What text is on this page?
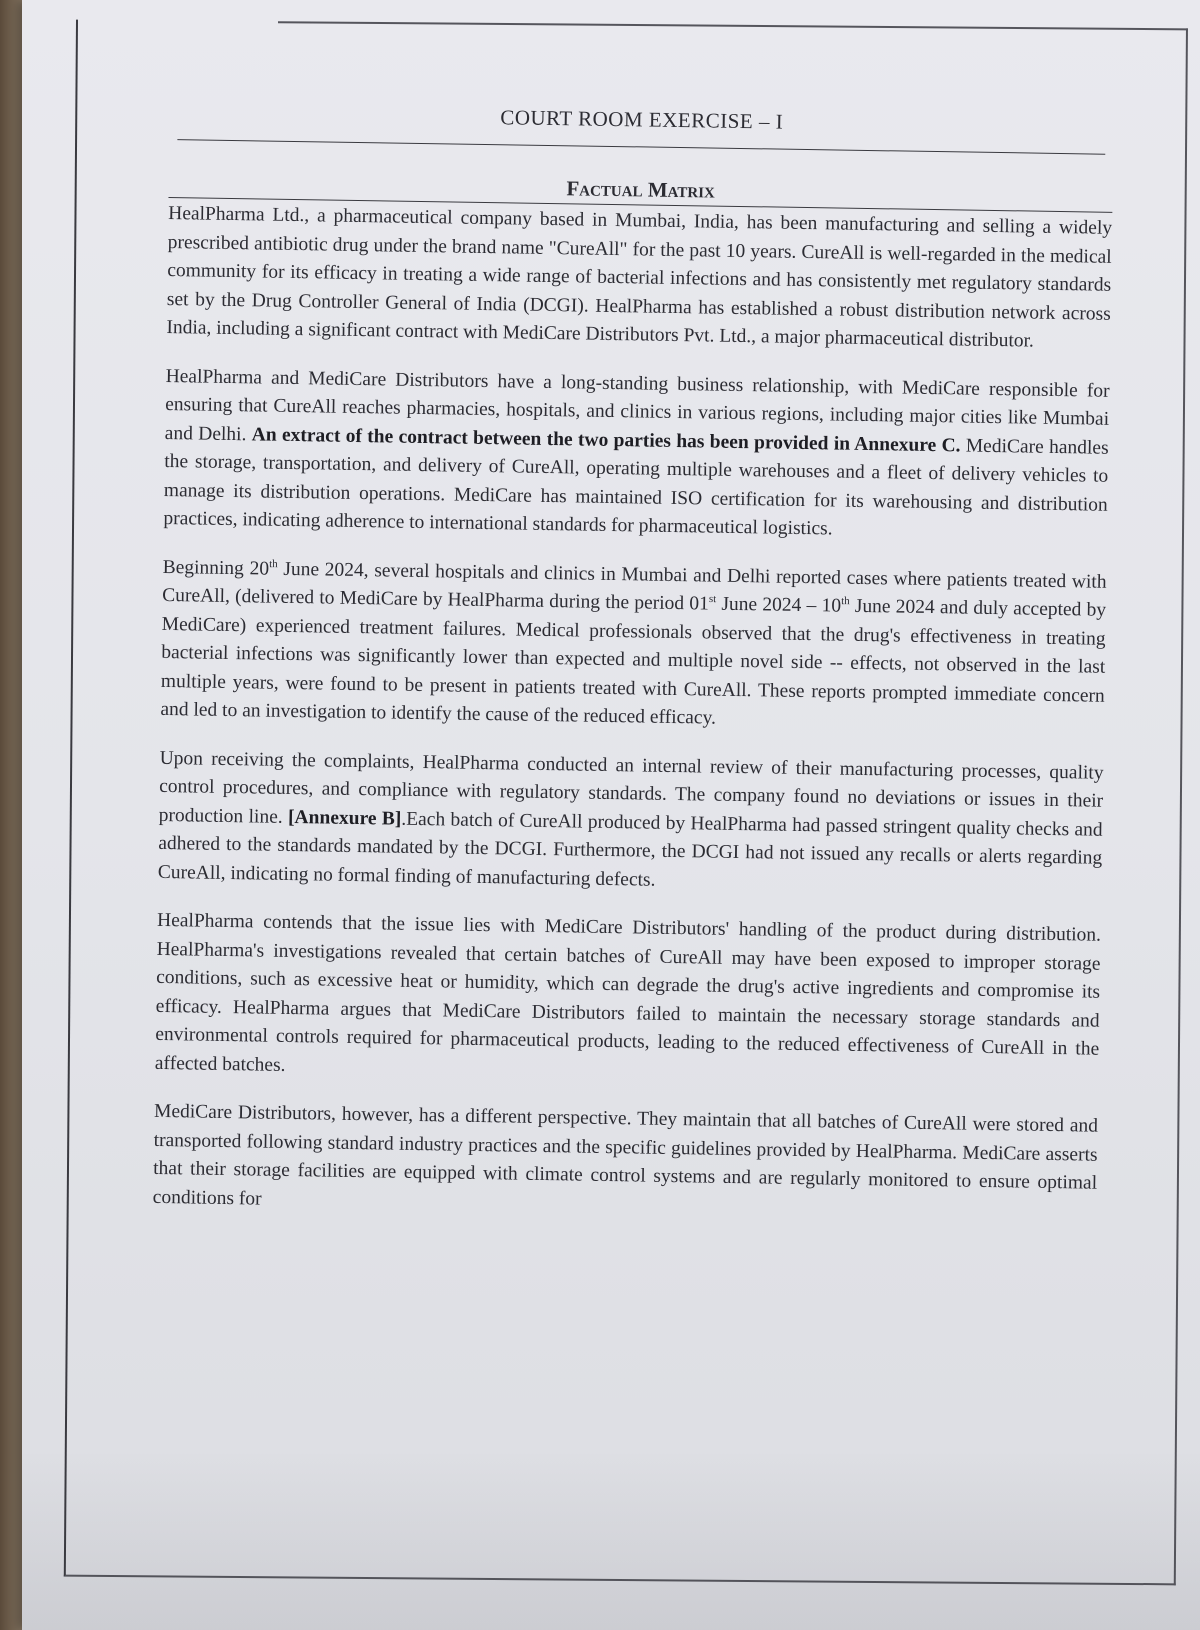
COURT ROOM EXERCISE – I
Factual Matrix

HealPharma Ltd., a pharmaceutical company based in Mumbai, India, has been manufacturing and selling a widely prescribed antibiotic drug under the brand name "CureAll" for the past 10 years. CureAll is well-regarded in the medical community for its efficacy in treating a wide range of bacterial infections and has consistently met regulatory standards set by the Drug Controller General of India (DCGI). HealPharma has established a robust distribution network across India, including a significant contract with MediCare Distributors Pvt. Ltd., a major pharmaceutical distributor.

HealPharma and MediCare Distributors have a long-standing business relationship, with MediCare responsible for ensuring that CureAll reaches pharmacies, hospitals, and clinics in various regions, including major cities like Mumbai and Delhi. An extract of the contract between the two parties has been provided in Annexure C. MediCare handles the storage, transportation, and delivery of CureAll, operating multiple warehouses and a fleet of delivery vehicles to manage its distribution operations. MediCare has maintained ISO certification for its warehousing and distribution practices, indicating adherence to international standards for pharmaceutical logistics.

Beginning 20th June 2024, several hospitals and clinics in Mumbai and Delhi reported cases where patients treated with CureAll, (delivered to MediCare by HealPharma during the period 01st June 2024 – 10th June 2024 and duly accepted by MediCare) experienced treatment failures. Medical professionals observed that the drug's effectiveness in treating bacterial infections was significantly lower than expected and multiple novel side -- effects, not observed in the last multiple years, were found to be present in patients treated with CureAll. These reports prompted immediate concern and led to an investigation to identify the cause of the reduced efficacy.

Upon receiving the complaints, HealPharma conducted an internal review of their manufacturing processes, quality control procedures, and compliance with regulatory standards. The company found no deviations or issues in their production line. [Annexure B].Each batch of CureAll produced by HealPharma had passed stringent quality checks and adhered to the standards mandated by the DCGI. Furthermore, the DCGI had not issued any recalls or alerts regarding CureAll, indicating no formal finding of manufacturing defects.

HealPharma contends that the issue lies with MediCare Distributors' handling of the product during distribution. HealPharma's investigations revealed that certain batches of CureAll may have been exposed to improper storage conditions, such as excessive heat or humidity, which can degrade the drug's active ingredients and compromise its efficacy. HealPharma argues that MediCare Distributors failed to maintain the necessary storage standards and environmental controls required for pharmaceutical products, leading to the reduced effectiveness of CureAll in the affected batches.

MediCare Distributors, however, has a different perspective. They maintain that all batches of CureAll were stored and transported following standard industry practices and the specific guidelines provided by HealPharma. MediCare asserts that their storage facilities are equipped with climate control systems and are regularly monitored to ensure optimal conditions for
